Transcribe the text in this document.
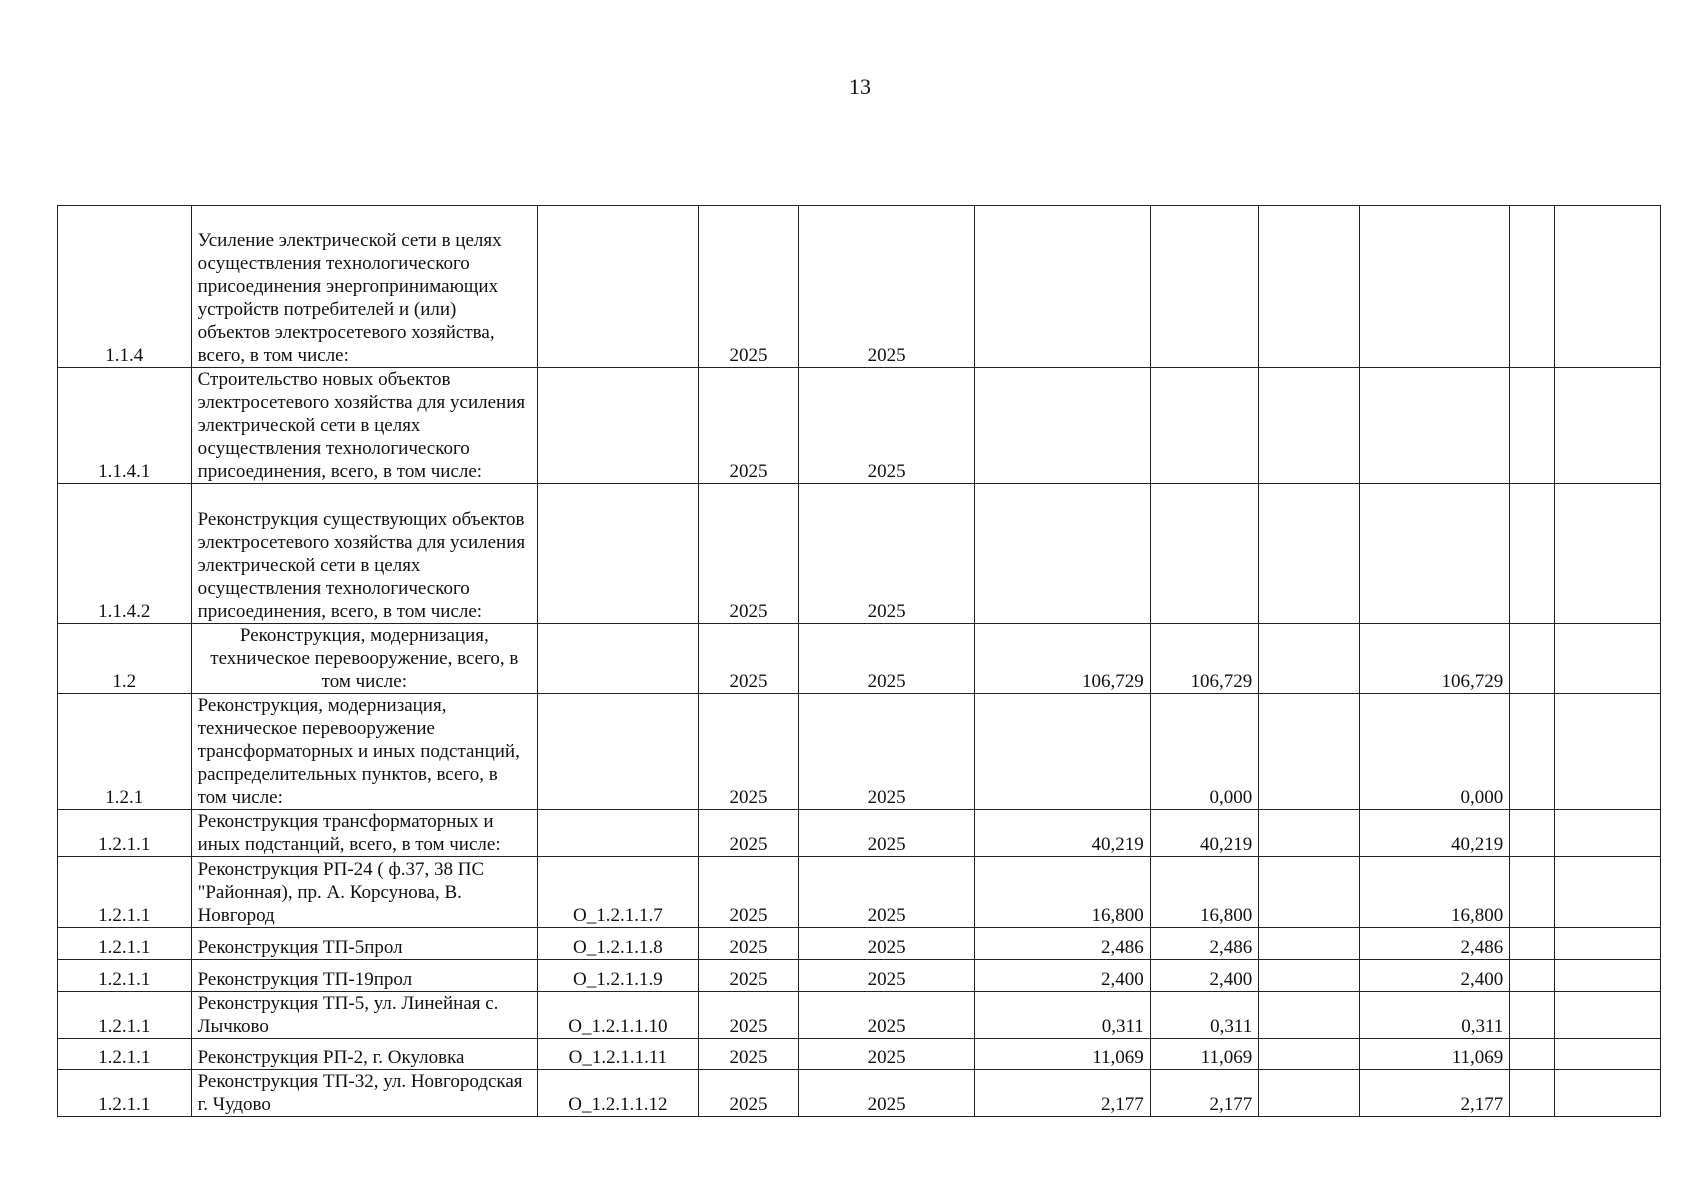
13
1.1.4	Усиление электрической сети в целях осуществления технологического присоединения энергопринимающих устройств потребителей и (или) объектов электросетевого хозяйства, всего, в том числе:		2025	2025						
1.1.4.1	Строительство новых объектов электросетевого хозяйства для усиления электрической сети в целях осуществления технологического присоединения, всего, в том числе:		2025	2025						
1.1.4.2	Реконструкция существующих объектов электросетевого хозяйства для усиления электрической сети в целях осуществления технологического присоединения, всего, в том числе:		2025	2025						
1.2	Реконструкция, модернизация, техническое перевооружение, всего, в том числе:		2025	2025	106,729	106,729		106,729		
1.2.1	Реконструкция, модернизация, техническое перевооружение трансформаторных и иных подстанций, распределительных пунктов, всего, в том числе:		2025	2025		0,000		0,000		
1.2.1.1	Реконструкция трансформаторных и иных подстанций, всего, в том числе:		2025	2025	40,219	40,219		40,219		
1.2.1.1	Реконструкция РП-24 ( ф.37, 38 ПС "Районная), пр. А. Корсунова, В. Новгород	О_1.2.1.1.7	2025	2025	16,800	16,800		16,800		
1.2.1.1	Реконструкция ТП-5прол	О_1.2.1.1.8	2025	2025	2,486	2,486		2,486		
1.2.1.1	Реконструкция ТП-19прол	О_1.2.1.1.9	2025	2025	2,400	2,400		2,400		
1.2.1.1	Реконструкция ТП-5, ул. Линейная с. Лычково	О_1.2.1.1.10	2025	2025	0,311	0,311		0,311		
1.2.1.1	Реконструкция РП-2, г. Окуловка	О_1.2.1.1.11	2025	2025	11,069	11,069		11,069		
1.2.1.1	Реконструкция ТП-32, ул. Новгородская г. Чудово	О_1.2.1.1.12	2025	2025	2,177	2,177		2,177		
